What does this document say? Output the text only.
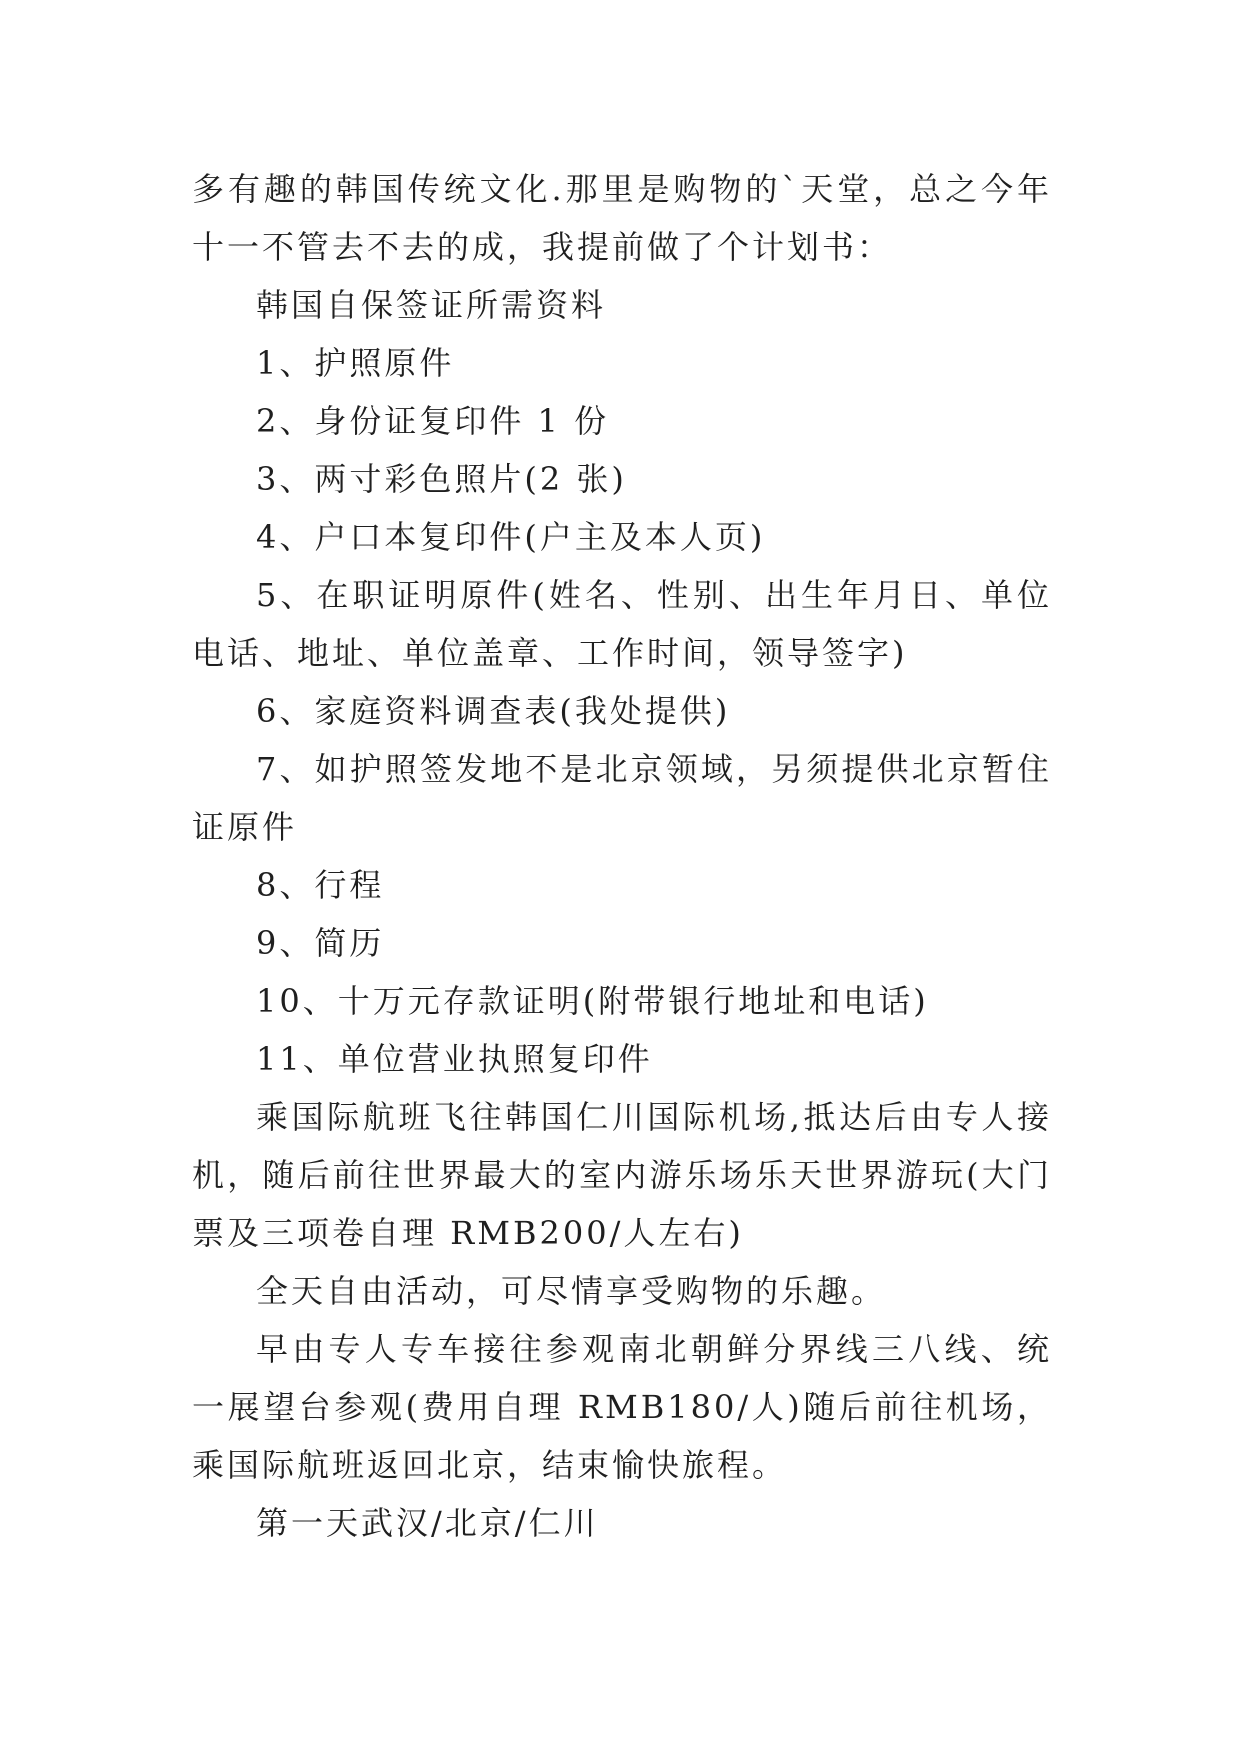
多有趣的韩国传统文化.那里是购物的`天堂，总之今年十一不管去不去的成，我提前做了个计划书：

韩国自保签证所需资料

1、护照原件

2、身份证复印件 1 份

3、两寸彩色照片(2 张)

4、户口本复印件(户主及本人页)

5、在职证明原件(姓名、性别、出生年月日、单位电话、地址、单位盖章、工作时间，领导签字)

6、家庭资料调查表(我处提供)

7、如护照签发地不是北京领域，另须提供北京暂住证原件

8、行程

9、简历

10、十万元存款证明(附带银行地址和电话)

11、单位营业执照复印件

乘国际航班飞往韩国仁川国际机场,抵达后由专人接机，随后前往世界最大的室内游乐场乐天世界游玩(大门票及三项卷自理 RMB200/人左右)

全天自由活动，可尽情享受购物的乐趣。

早由专人专车接往参观南北朝鲜分界线三八线、统一展望台参观(费用自理 RMB180/人)随后前往机场，乘国际航班返回北京，结束愉快旅程。

第一天武汉/北京/仁川
